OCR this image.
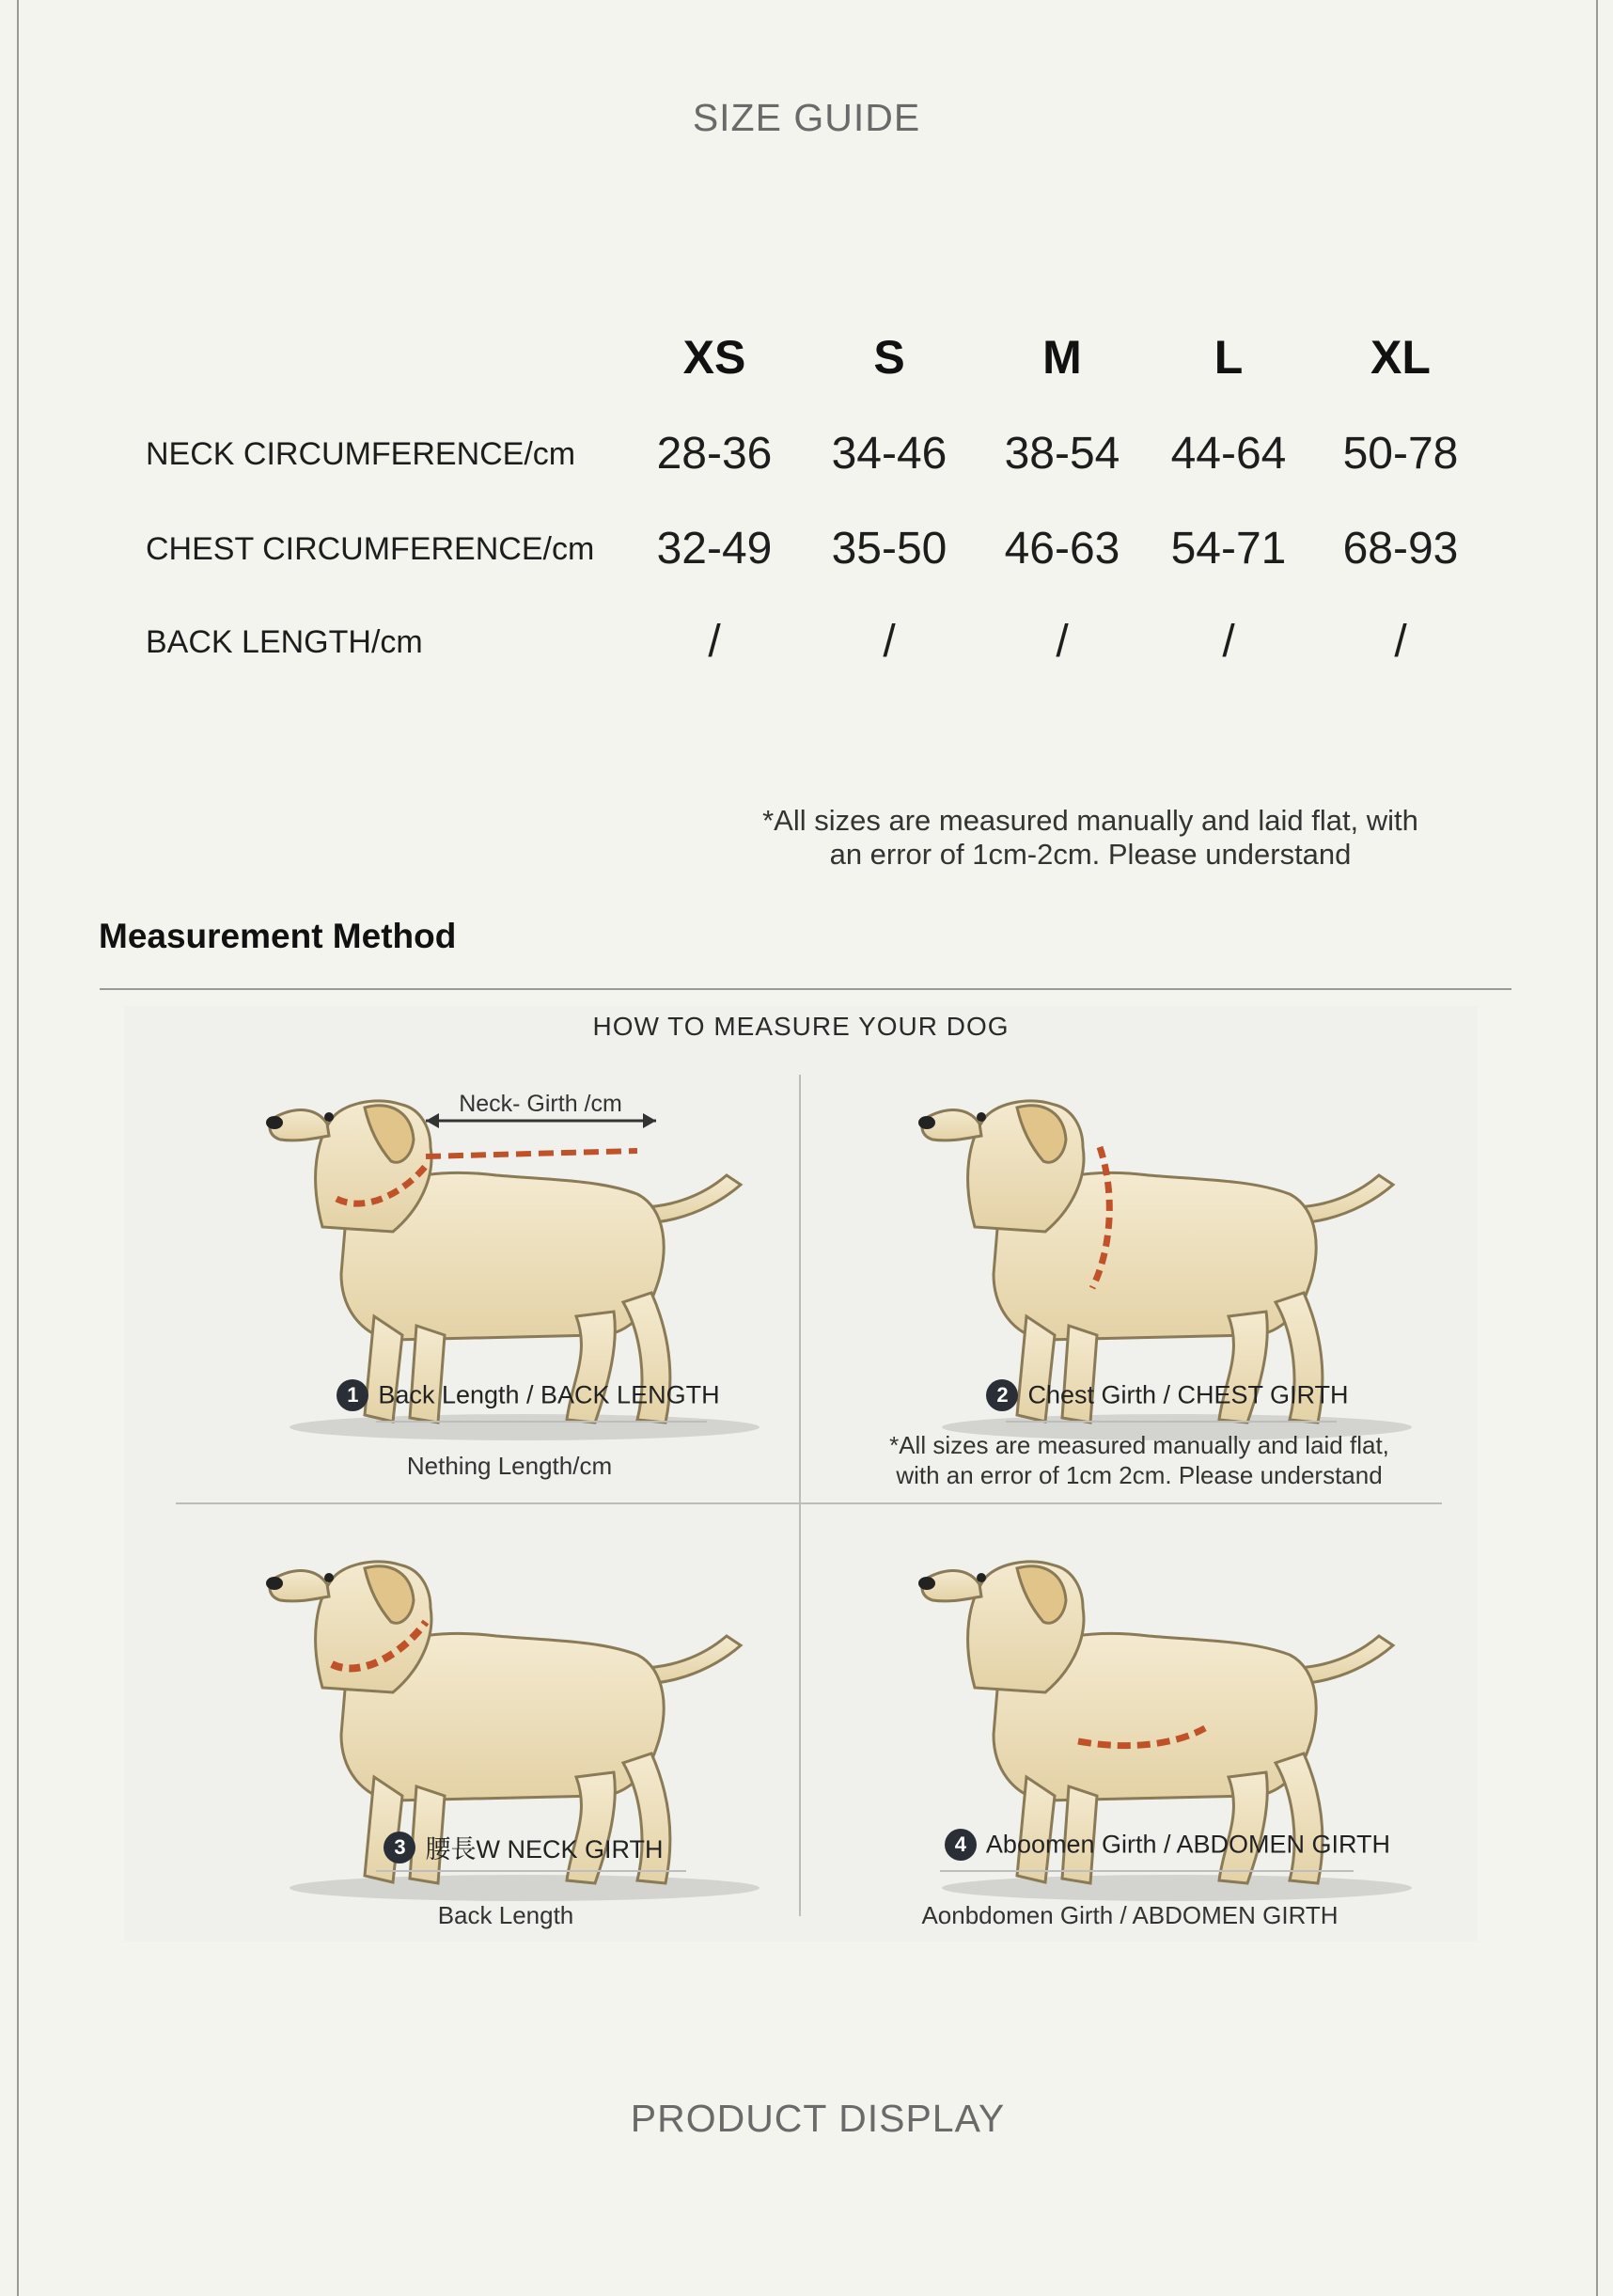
SIZE GUIDE
XS	S	M	L	XL
NECK CIRCUMFERENCE/cm	28-36	34-46	38-54	44-64	50-78
CHEST CIRCUMFERENCE/cm	32-49	35-50	46-63	54-71	68-93
BACK LENGTH/cm	/	/	/	/	/
*All sizes are measured manually and laid flat, with
an error of 1cm-2cm. Please understand
Measurement Method
HOW TO MEASURE YOUR DOG
Neck- Girth /cm
1 Back Length / BACK LENGTH
Nething Length/cm
2 Chest Girth / CHEST GIRTH
*All sizes are measured manually and laid flat,
with an error of 1cm 2cm. Please understand
3 腰長W NECK GIRTH
Back Length
4 Aboomen Girth / ABDOMEN GIRTH
Aonbdomen Girth / ABDOMEN GIRTH
PRODUCT DISPLAY
